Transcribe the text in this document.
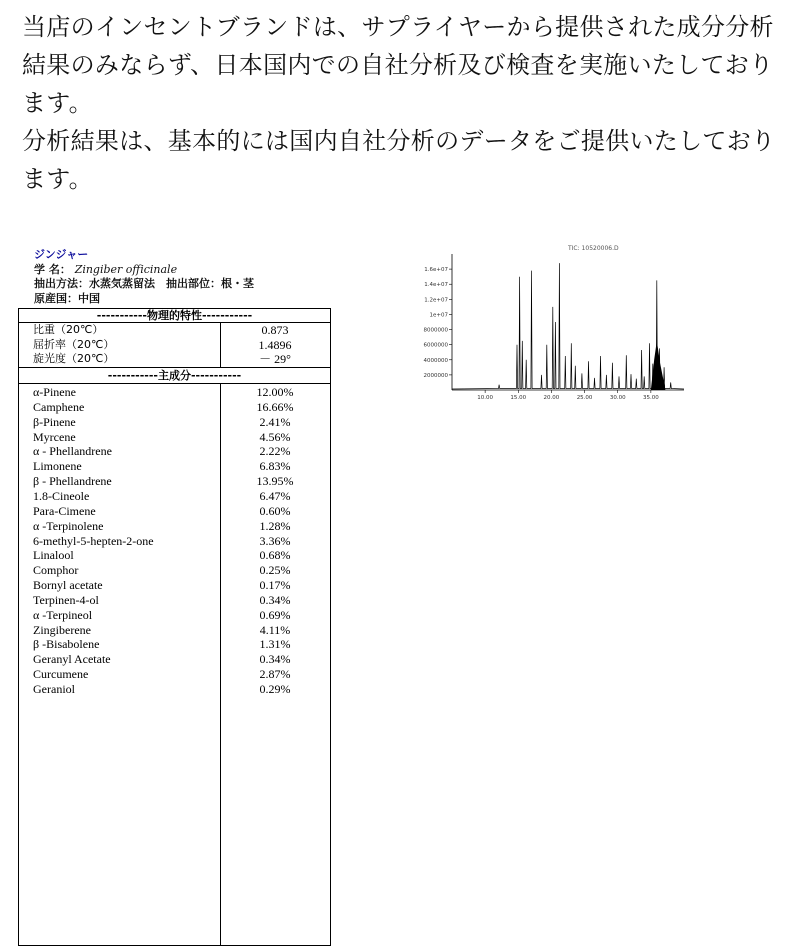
当店のインセントブランドは、サプライヤーから提供された成分分析結果のみならず、日本国内での自社分析及び検査を実施いたしております。

分析結果は、基本的には国内自社分析のデータをご提供いたしております。

ジンジャー
学 名： Zingiber officinale
抽出方法：水蒸気蒸留法　抽出部位：根・茎
原産国：中国
-----------物理的特性-----------
比重（20℃）	0.873
屈折率（20℃）	1.4896
旋光度（20℃）	－ 29°
-----------主成分-----------
α-Pinene	12.00%
Camphene	16.66%
β-Pinene	2.41%
Myrcene	4.56%
α - Phellandrene	2.22%
Limonene	6.83%
β - Phellandrene	13.95%
1.8-Cineole	6.47%
Para-Cimene	0.60%
α -Terpinolene	1.28%
6-methyl-5-hepten-2-one	3.36%
Linalool	0.68%
Comphor	0.25%
Bornyl acetate	0.17%
Terpinen-4-ol	0.34%
α -Terpineol	0.69%
Zingiberene	4.11%
β -Bisabolene	1.31%
Geranyl Acetate	0.34%
Curcumene	2.87%
Geraniol	0.29%
TIC: 10520006.D
1.6e+07
1.4e+07
1.2e+07
1e+07
8000000
6000000
4000000
2000000
10.00	15.00	20.00	25.00	30.00	35.00
